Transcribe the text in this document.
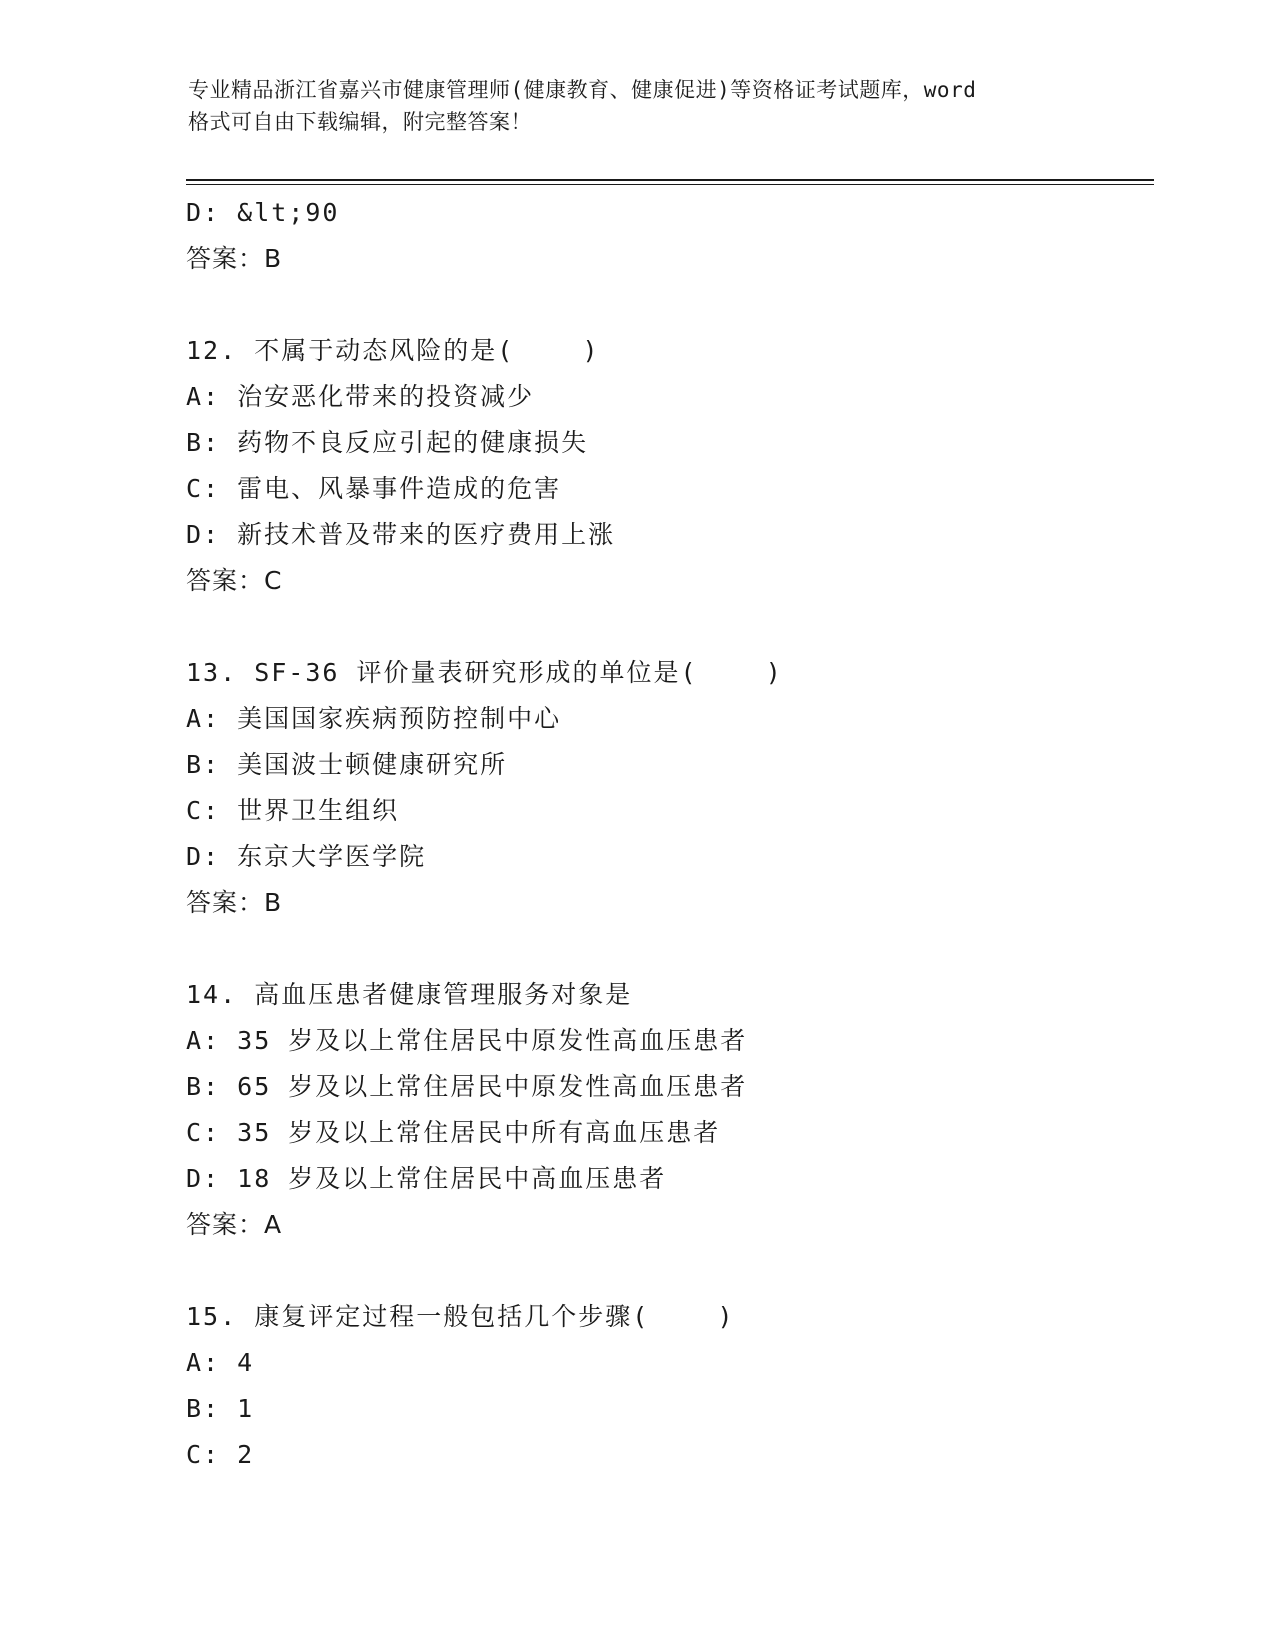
专业精品浙江省嘉兴市健康管理师(健康教育、健康促进)等资格证考试题库，word
格式可自由下载编辑，附完整答案！
D: &lt;90
答案：B
12. 不属于动态风险的是(    )
A: 治安恶化带来的投资减少
B: 药物不良反应引起的健康损失
C: 雷电、风暴事件造成的危害
D: 新技术普及带来的医疗费用上涨
答案：C
13. SF-36 评价量表研究形成的单位是(    )
A: 美国国家疾病预防控制中心
B: 美国波士顿健康研究所
C: 世界卫生组织
D: 东京大学医学院
答案：B
14. 高血压患者健康管理服务对象是
A: 35 岁及以上常住居民中原发性高血压患者
B: 65 岁及以上常住居民中原发性高血压患者
C: 35 岁及以上常住居民中所有高血压患者
D: 18 岁及以上常住居民中高血压患者
答案：A
15. 康复评定过程一般包括几个步骤(    )
A: 4
B: 1
C: 2
